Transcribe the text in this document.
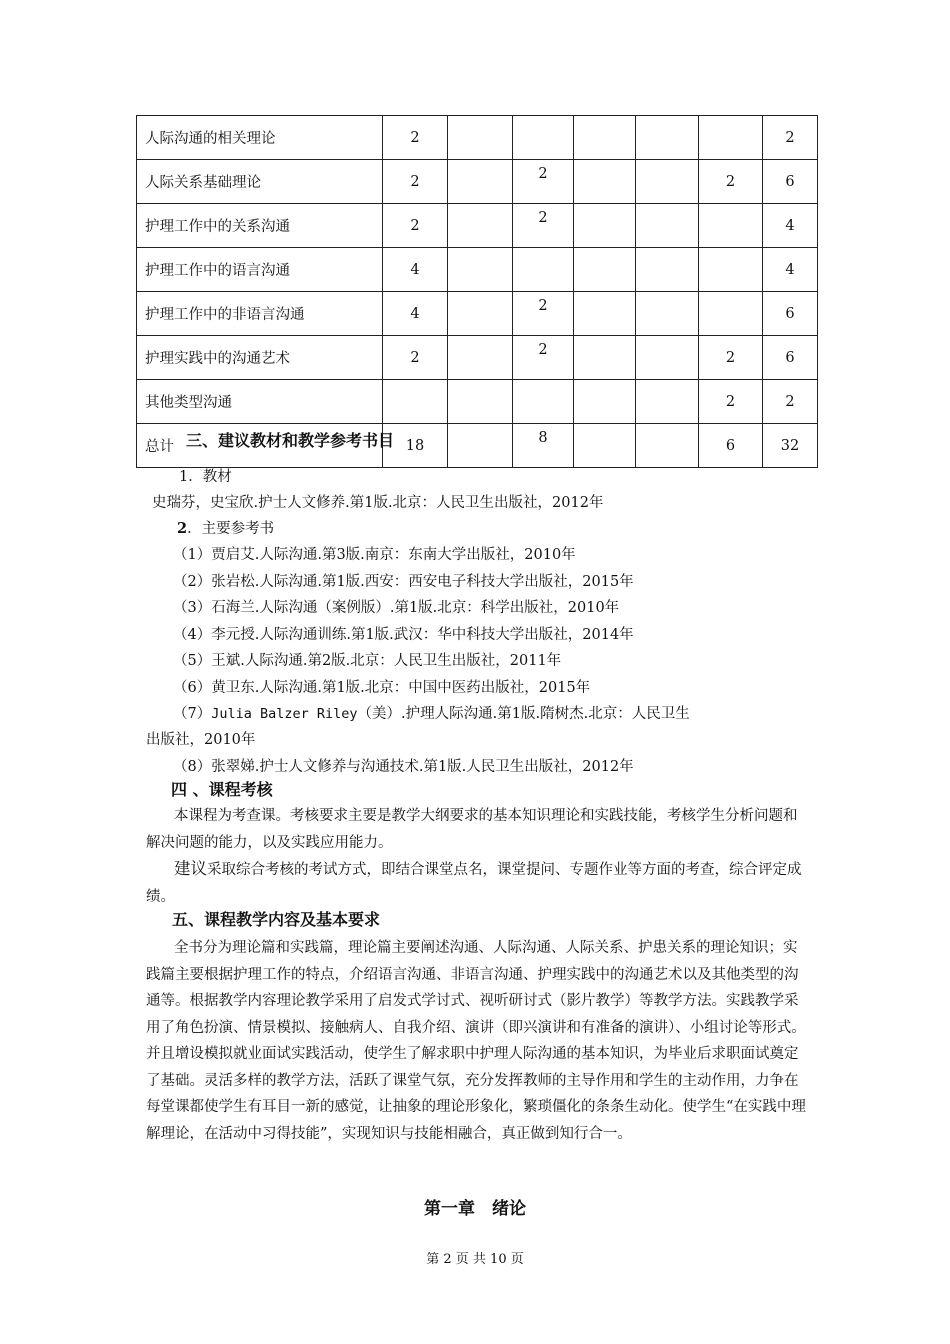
人际沟通的相关理论	2						2
人际关系基础理论	2		2			2	6
护理工作中的关系沟通	2		2				4
护理工作中的语言沟通	4						4
护理工作中的非语言沟通	4		2				6
护理实践中的沟通艺术	2		2			2	6
其他类型沟通						2	2
总计	18		8			6	32
三、建议教材和教学参考书目
1．教材
史瑞芬，史宝欣.护士人文修养.第1版.北京：人民卫生出版社，2012年
2．主要参考书
（1）贾启艾.人际沟通.第3版.南京：东南大学出版社，2010年
（2）张岩松.人际沟通.第1版.西安：西安电子科技大学出版社，2015年
（3）石海兰.人际沟通（案例版）.第1版.北京：科学出版社，2010年
（4）李元授.人际沟通训练.第1版.武汉：华中科技大学出版社，2014年
（5）王斌.人际沟通.第2版.北京：人民卫生出版社，2011年
（6）黄卫东.人际沟通.第1版.北京：中国中医药出版社，2015年
（7）Julia Balzer Riley（美）.护理人际沟通.第1版.隋树杰.北京：人民卫生
出版社，2010年
（8）张翠娣.护士人文修养与沟通技术.第1版.人民卫生出版社，2012年
四 、课程考核
本课程为考查课。考核要求主要是教学大纲要求的基本知识理论和实践技能，考核学生分析问题和解决问题的能力，以及实践应用能力。
建议采取综合考核的考试方式，即结合课堂点名，课堂提问、专题作业等方面的考查，综合评定成绩。
五、课程教学内容及基本要求
全书分为理论篇和实践篇，理论篇主要阐述沟通、人际沟通、人际关系、护患关系的理论知识；实践篇主要根据护理工作的特点，介绍语言沟通、非语言沟通、护理实践中的沟通艺术以及其他类型的沟通等。根据教学内容理论教学采用了启发式学讨式、视听研讨式（影片教学）等教学方法。实践教学采用了角色扮演、情景模拟、接触病人、自我介绍、演讲（即兴演讲和有准备的演讲）、小组讨论等形式。并且增设模拟就业面试实践活动，使学生了解求职中护理人际沟通的基本知识，为毕业后求职面试奠定了基础。灵活多样的教学方法，活跃了课堂气氛，充分发挥教师的主导作用和学生的主动作用，力争在每堂课都使学生有耳目一新的感觉，让抽象的理论形象化，繁琐僵化的条条生动化。使学生“在实践中理解理论，在活动中习得技能”，实现知识与技能相融合，真正做到知行合一。
第一章　绪论
第 2 页 共 10 页
